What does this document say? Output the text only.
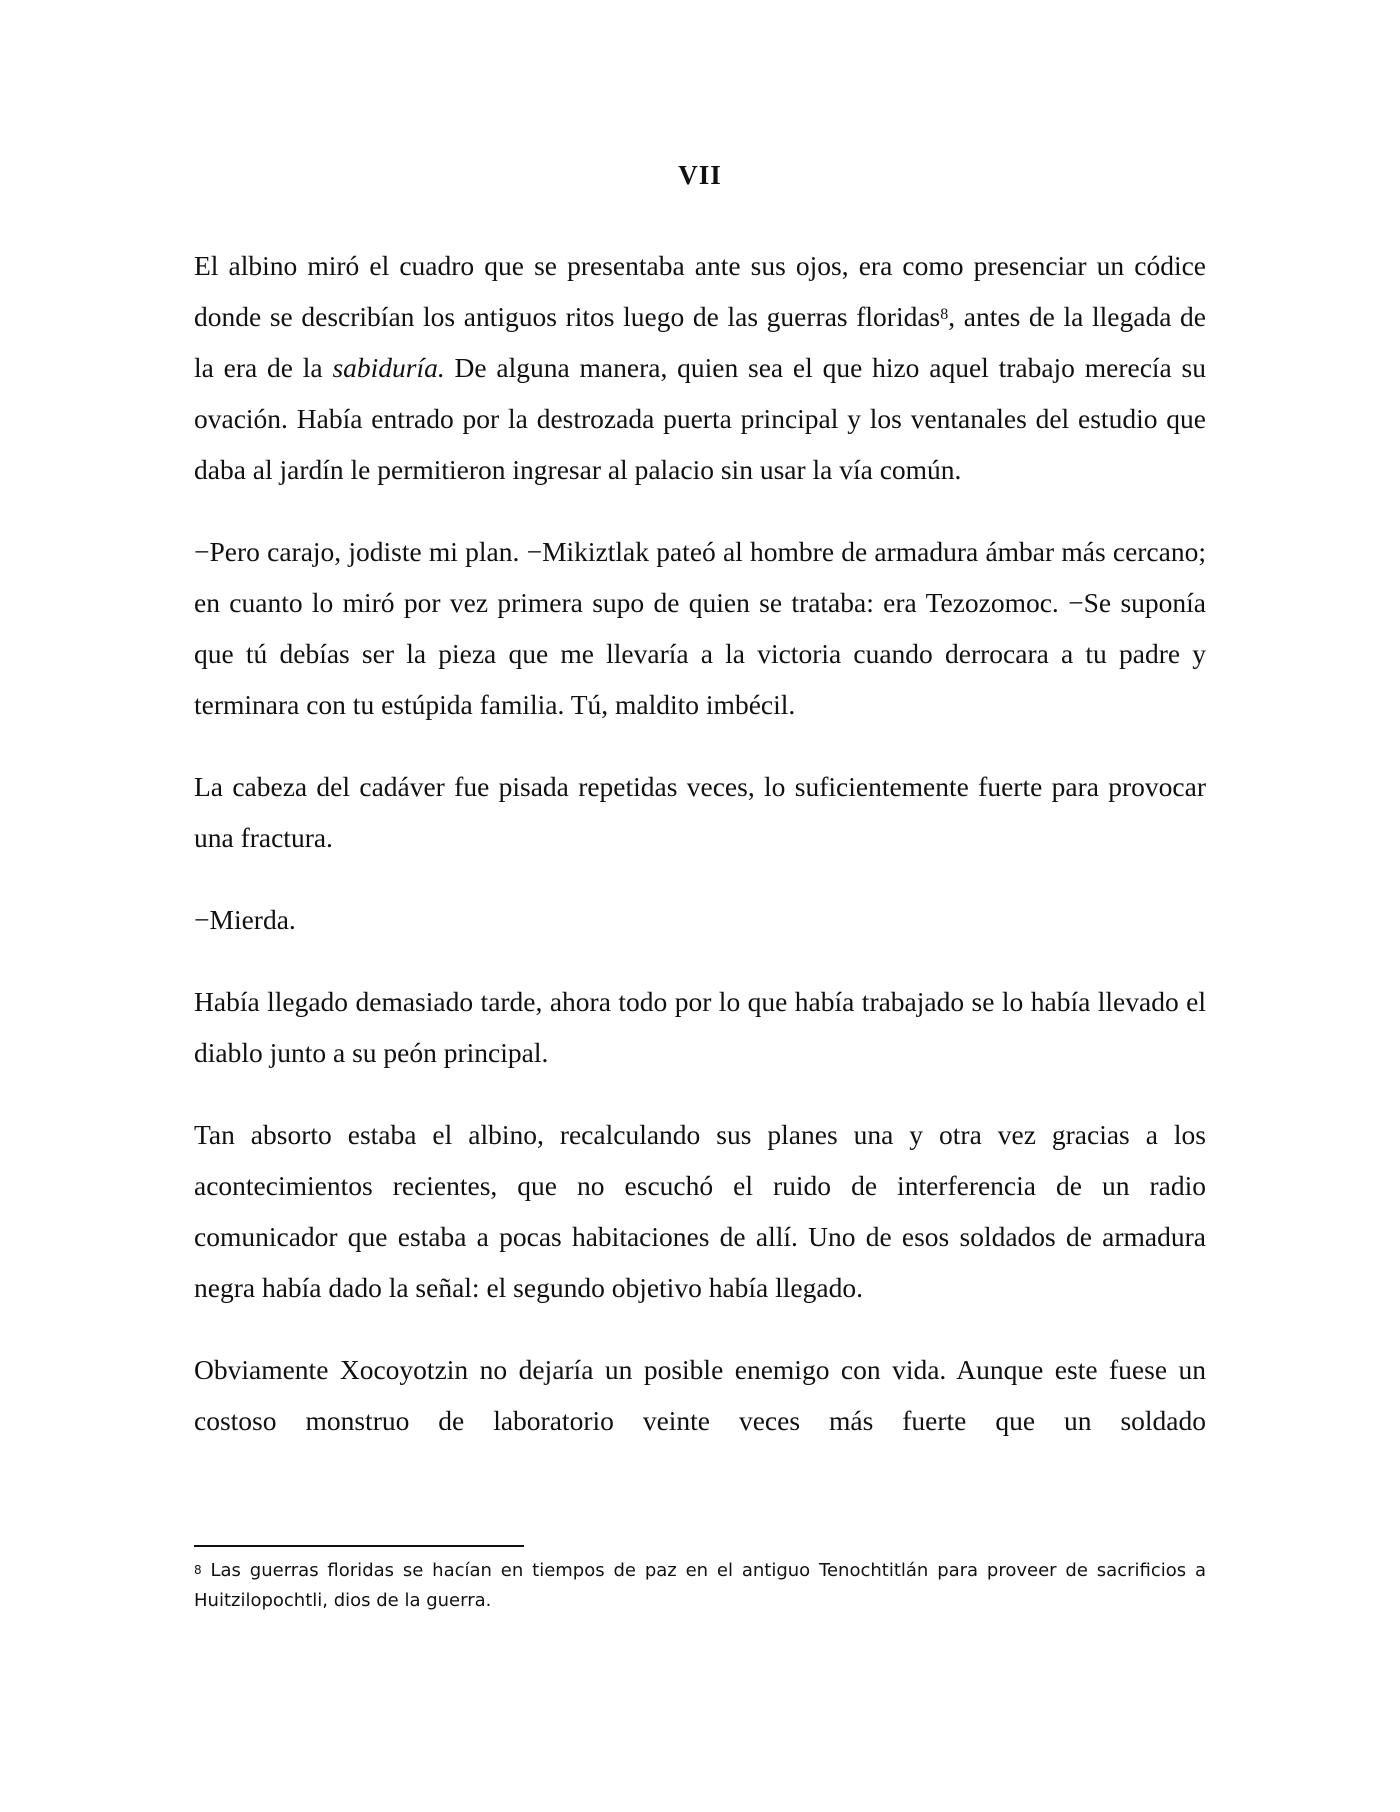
VII

El albino miró el cuadro que se presentaba ante sus ojos, era como presenciar un códice donde se describían los antiguos ritos luego de las guerras floridas$^8$, antes de la llegada de la era de la sabiduría. De alguna manera, quien sea el que hizo aquel trabajo merecía su ovación. Había entrado por la destrozada puerta principal y los ventanales del estudio que daba al jardín le permitieron ingresar al palacio sin usar la vía común.

−Pero carajo, jodiste mi plan. −Mikiztlak pateó al hombre de armadura ámbar más cercano; en cuanto lo miró por vez primera supo de quien se trataba: era Tezozomoc. −Se suponía que tú debías ser la pieza que me llevaría a la victoria cuando derrocara a tu padre y terminara con tu estúpida familia. Tú, maldito imbécil.

La cabeza del cadáver fue pisada repetidas veces, lo suficientemente fuerte para provocar una fractura.

−Mierda.

Había llegado demasiado tarde, ahora todo por lo que había trabajado se lo había llevado el diablo junto a su peón principal.

Tan absorto estaba el albino, recalculando sus planes una y otra vez gracias a los acontecimientos recientes, que no escuchó el ruido de interferencia de un radio comunicador que estaba a pocas habitaciones de allí. Uno de esos soldados de armadura negra había dado la señal: el segundo objetivo había llegado.

Obviamente Xocoyotzin no dejaría un posible enemigo con vida. Aunque este fuese un costoso monstruo de laboratorio veinte veces más fuerte que un soldado

$^8$ Las guerras floridas se hacían en tiempos de paz en el antiguo Tenochtitlán para proveer de sacrificios a Huitzilopochtli, dios de la guerra.
